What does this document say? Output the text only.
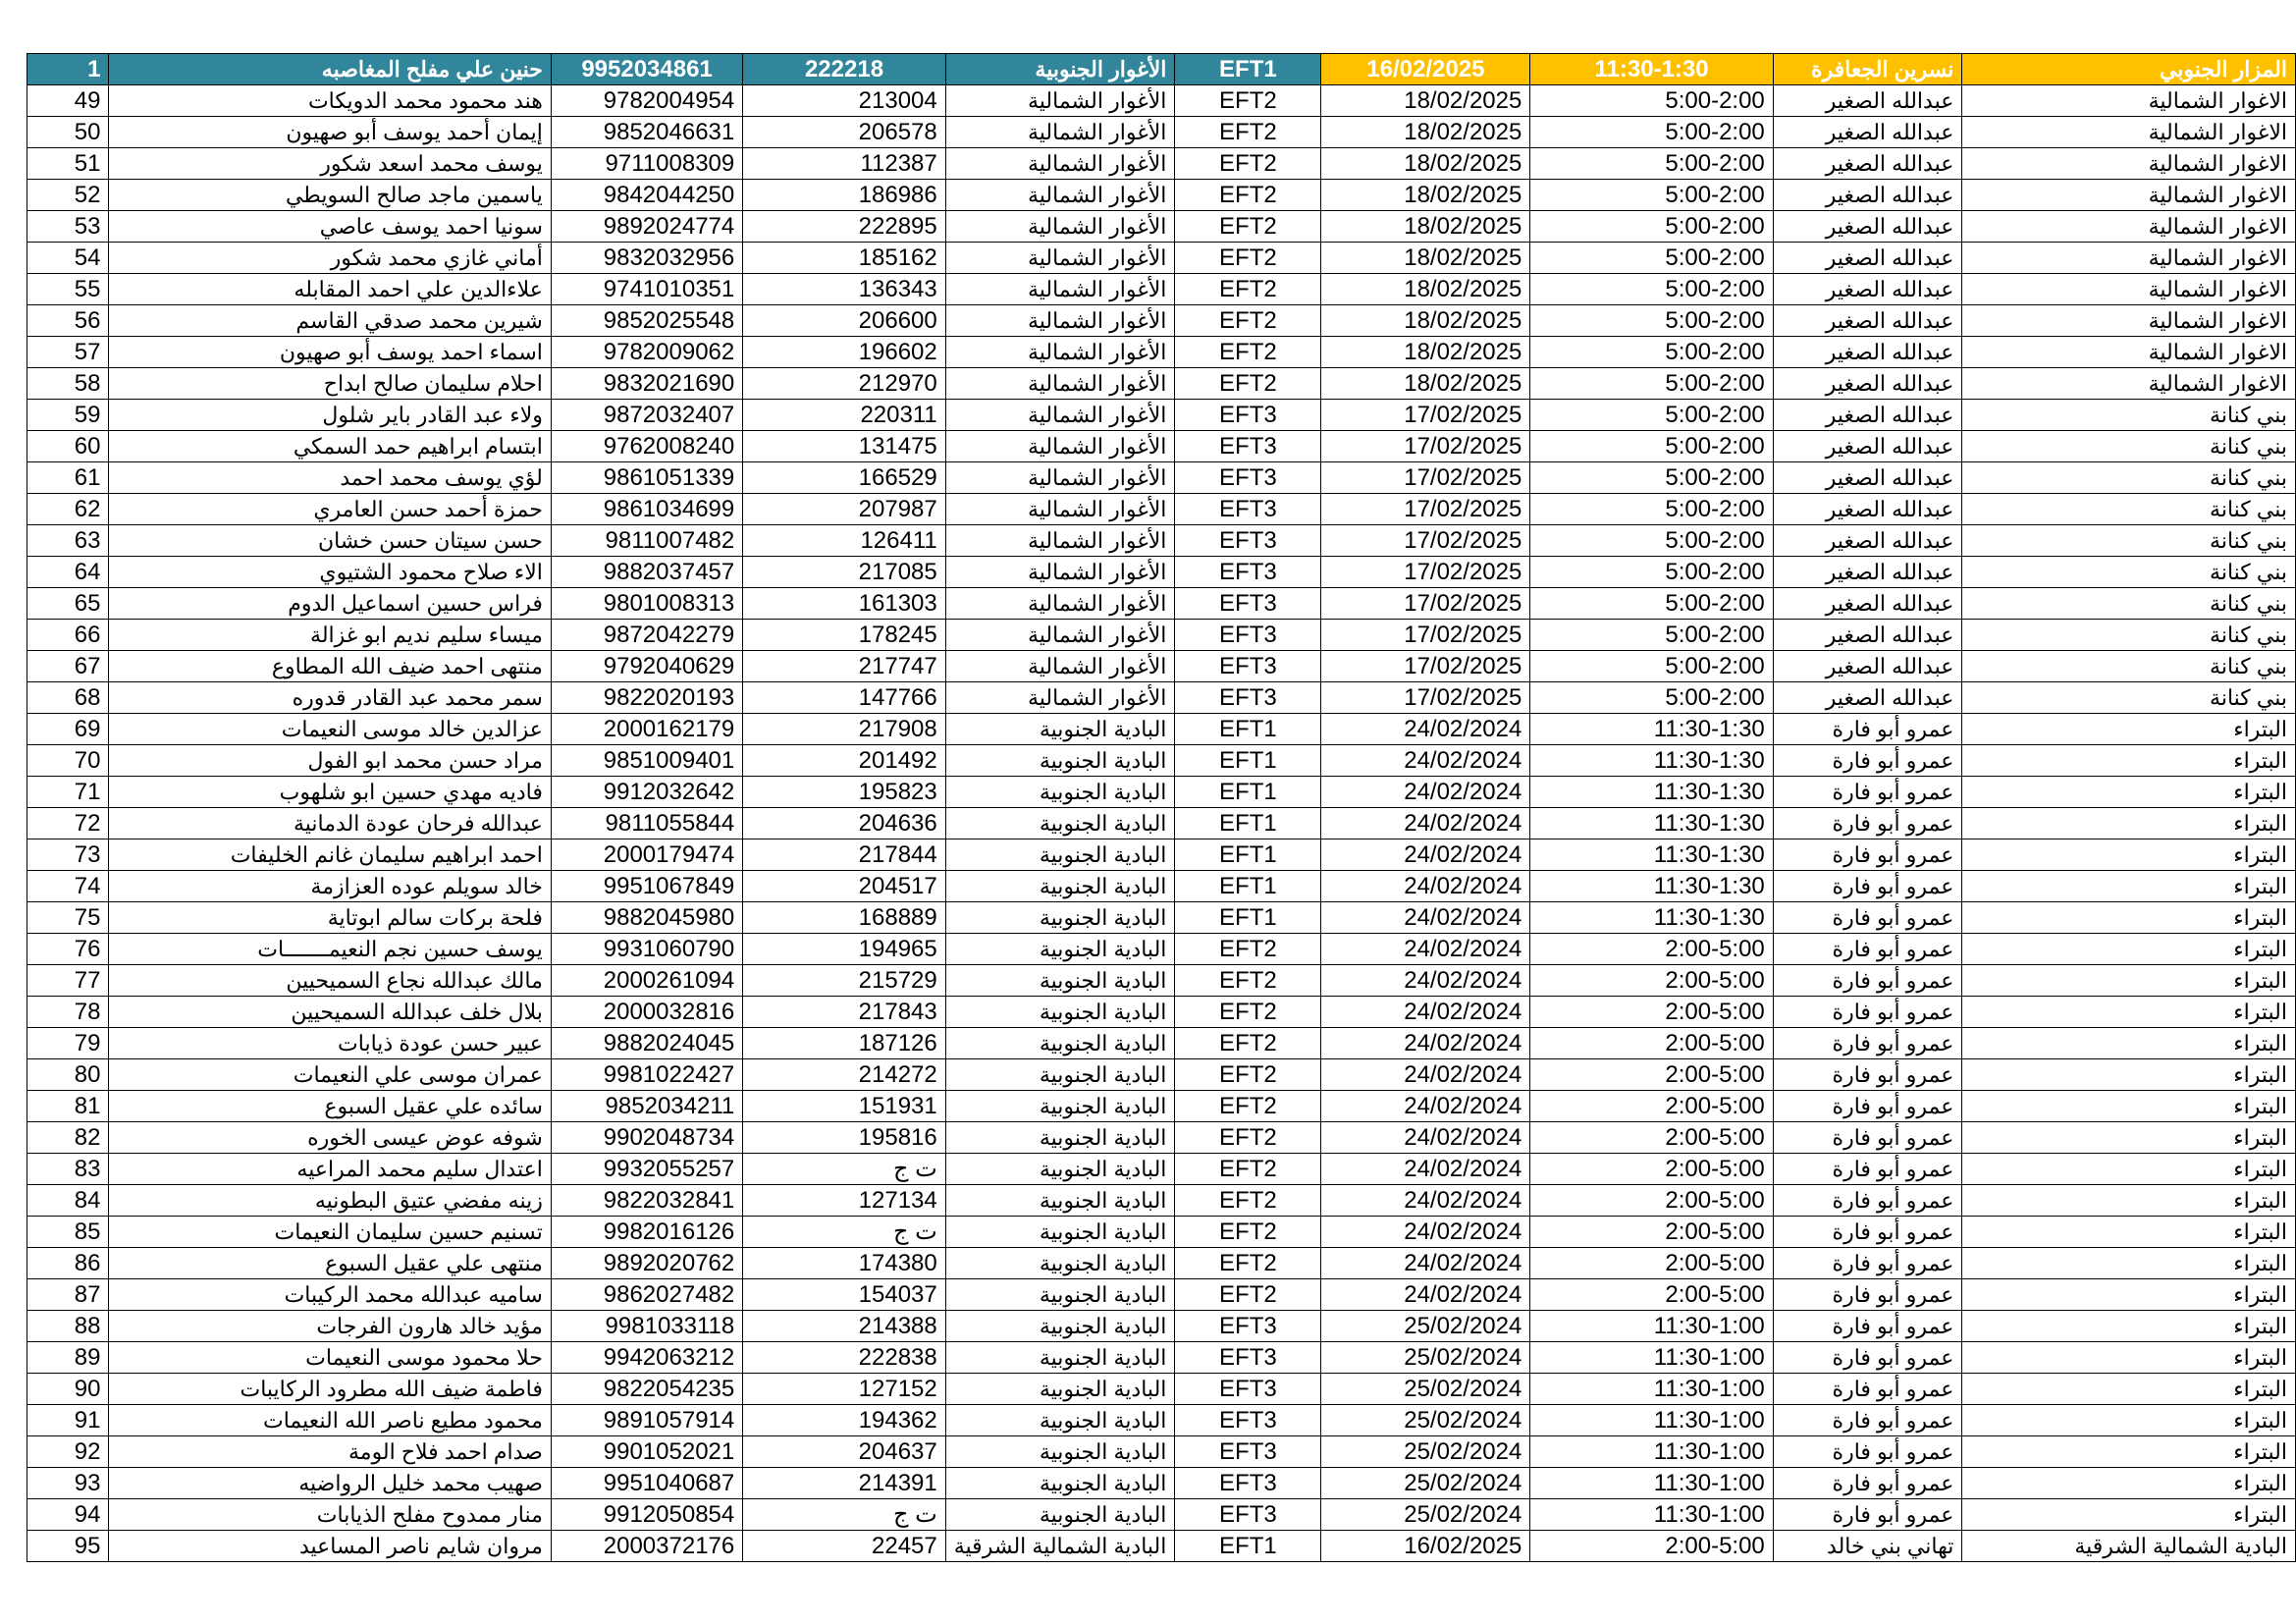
1	حنين علي مفلح المغاصبه	9952034861	222218	الأغوار الجنوبية	EFT1	16/02/2025	11:30-1:30	نسرين الجعافرة	المزار الجنوبي
49	هند محمود محمد الدويكات	9782004954	213004	الأغوار الشمالية	EFT2	18/02/2025	5:00-2:00	عبدالله الصغير	الاغوار الشمالية
50	إيمان أحمد يوسف أبو صهيون	9852046631	206578	الأغوار الشمالية	EFT2	18/02/2025	5:00-2:00	عبدالله الصغير	الاغوار الشمالية
51	يوسف محمد اسعد شكور	9711008309	112387	الأغوار الشمالية	EFT2	18/02/2025	5:00-2:00	عبدالله الصغير	الاغوار الشمالية
52	ياسمين ماجد صالح السويطي	9842044250	186986	الأغوار الشمالية	EFT2	18/02/2025	5:00-2:00	عبدالله الصغير	الاغوار الشمالية
53	سونيا احمد يوسف عاصي	9892024774	222895	الأغوار الشمالية	EFT2	18/02/2025	5:00-2:00	عبدالله الصغير	الاغوار الشمالية
54	أماني غازي محمد شكور	9832032956	185162	الأغوار الشمالية	EFT2	18/02/2025	5:00-2:00	عبدالله الصغير	الاغوار الشمالية
55	علاءالدين علي احمد المقابله	9741010351	136343	الأغوار الشمالية	EFT2	18/02/2025	5:00-2:00	عبدالله الصغير	الاغوار الشمالية
56	شيرين محمد صدقي القاسم	9852025548	206600	الأغوار الشمالية	EFT2	18/02/2025	5:00-2:00	عبدالله الصغير	الاغوار الشمالية
57	اسماء احمد يوسف أبو صهيون	9782009062	196602	الأغوار الشمالية	EFT2	18/02/2025	5:00-2:00	عبدالله الصغير	الاغوار الشمالية
58	احلام سليمان صالح ابداح	9832021690	212970	الأغوار الشمالية	EFT2	18/02/2025	5:00-2:00	عبدالله الصغير	الاغوار الشمالية
59	ولاء عبد القادر باير شلول	9872032407	220311	الأغوار الشمالية	EFT3	17/02/2025	5:00-2:00	عبدالله الصغير	بني كنانة
60	ابتسام ابراهيم حمد السمكي	9762008240	131475	الأغوار الشمالية	EFT3	17/02/2025	5:00-2:00	عبدالله الصغير	بني كنانة
61	لؤي يوسف محمد احمد	9861051339	166529	الأغوار الشمالية	EFT3	17/02/2025	5:00-2:00	عبدالله الصغير	بني كنانة
62	حمزة أحمد حسن العامري	9861034699	207987	الأغوار الشمالية	EFT3	17/02/2025	5:00-2:00	عبدالله الصغير	بني كنانة
63	حسن سيتان حسن خشان	9811007482	126411	الأغوار الشمالية	EFT3	17/02/2025	5:00-2:00	عبدالله الصغير	بني كنانة
64	الاء صلاح محمود الشتيوي	9882037457	217085	الأغوار الشمالية	EFT3	17/02/2025	5:00-2:00	عبدالله الصغير	بني كنانة
65	فراس حسين اسماعيل الدوم	9801008313	161303	الأغوار الشمالية	EFT3	17/02/2025	5:00-2:00	عبدالله الصغير	بني كنانة
66	ميساء سليم نديم ابو غزالة	9872042279	178245	الأغوار الشمالية	EFT3	17/02/2025	5:00-2:00	عبدالله الصغير	بني كنانة
67	منتهى احمد ضيف الله المطاوع	9792040629	217747	الأغوار الشمالية	EFT3	17/02/2025	5:00-2:00	عبدالله الصغير	بني كنانة
68	سمر محمد عبد القادر قدوره	9822020193	147766	الأغوار الشمالية	EFT3	17/02/2025	5:00-2:00	عبدالله الصغير	بني كنانة
69	عزالدين خالد موسى النعيمات	2000162179	217908	البادية الجنوبية	EFT1	24/02/2024	11:30-1:30	عمرو أبو فارة	البتراء
70	مراد حسن محمد ابو الفول	9851009401	201492	البادية الجنوبية	EFT1	24/02/2024	11:30-1:30	عمرو أبو فارة	البتراء
71	فاديه مهدي حسين ابو شلهوب	9912032642	195823	البادية الجنوبية	EFT1	24/02/2024	11:30-1:30	عمرو أبو فارة	البتراء
72	عبدالله فرحان عودة الدمانية	9811055844	204636	البادية الجنوبية	EFT1	24/02/2024	11:30-1:30	عمرو أبو فارة	البتراء
73	احمد ابراهيم سليمان غانم الخليفات	2000179474	217844	البادية الجنوبية	EFT1	24/02/2024	11:30-1:30	عمرو أبو فارة	البتراء
74	خالد سويلم عوده العزازمة	9951067849	204517	البادية الجنوبية	EFT1	24/02/2024	11:30-1:30	عمرو أبو فارة	البتراء
75	فلحة بركات سالم ابوتاية	9882045980	168889	البادية الجنوبية	EFT1	24/02/2024	11:30-1:30	عمرو أبو فارة	البتراء
76	يوسف حسين نجم النعيمـــــــات	9931060790	194965	البادية الجنوبية	EFT2	24/02/2024	2:00-5:00	عمرو أبو فارة	البتراء
77	مالك عبدالله نجاع السميحيين	2000261094	215729	البادية الجنوبية	EFT2	24/02/2024	2:00-5:00	عمرو أبو فارة	البتراء
78	بلال خلف عبدالله السميحيين	2000032816	217843	البادية الجنوبية	EFT2	24/02/2024	2:00-5:00	عمرو أبو فارة	البتراء
79	عبير حسن عودة ذيابات	9882024045	187126	البادية الجنوبية	EFT2	24/02/2024	2:00-5:00	عمرو أبو فارة	البتراء
80	عمران موسى علي النعيمات	9981022427	214272	البادية الجنوبية	EFT2	24/02/2024	2:00-5:00	عمرو أبو فارة	البتراء
81	سائده علي عقيل السبوع	9852034211	151931	البادية الجنوبية	EFT2	24/02/2024	2:00-5:00	عمرو أبو فارة	البتراء
82	شوفه عوض عيسى الخوره	9902048734	195816	البادية الجنوبية	EFT2	24/02/2024	2:00-5:00	عمرو أبو فارة	البتراء
83	اعتدال سليم محمد المراعيه	9932055257	ت ج	البادية الجنوبية	EFT2	24/02/2024	2:00-5:00	عمرو أبو فارة	البتراء
84	زينه مفضي عتيق البطونيه	9822032841	127134	البادية الجنوبية	EFT2	24/02/2024	2:00-5:00	عمرو أبو فارة	البتراء
85	تسنيم حسين سليمان النعيمات	9982016126	ت ج	البادية الجنوبية	EFT2	24/02/2024	2:00-5:00	عمرو أبو فارة	البتراء
86	منتهى علي عقيل السبوع	9892020762	174380	البادية الجنوبية	EFT2	24/02/2024	2:00-5:00	عمرو أبو فارة	البتراء
87	ساميه عبدالله محمد الركيبات	9862027482	154037	البادية الجنوبية	EFT2	24/02/2024	2:00-5:00	عمرو أبو فارة	البتراء
88	مؤيد خالد هارون الفرجات	9981033118	214388	البادية الجنوبية	EFT3	25/02/2024	11:30-1:00	عمرو أبو فارة	البتراء
89	حلا محمود موسى النعيمات	9942063212	222838	البادية الجنوبية	EFT3	25/02/2024	11:30-1:00	عمرو أبو فارة	البتراء
90	فاطمة ضيف الله مطرود الركايبات	9822054235	127152	البادية الجنوبية	EFT3	25/02/2024	11:30-1:00	عمرو أبو فارة	البتراء
91	محمود مطيع ناصر الله النعيمات	9891057914	194362	البادية الجنوبية	EFT3	25/02/2024	11:30-1:00	عمرو أبو فارة	البتراء
92	صدام احمد فلاح الومة	9901052021	204637	البادية الجنوبية	EFT3	25/02/2024	11:30-1:00	عمرو أبو فارة	البتراء
93	صهيب محمد خليل الرواضيه	9951040687	214391	البادية الجنوبية	EFT3	25/02/2024	11:30-1:00	عمرو أبو فارة	البتراء
94	منار ممدوح مفلح الذيابات	9912050854	ت ج	البادية الجنوبية	EFT3	25/02/2024	11:30-1:00	عمرو أبو فارة	البتراء
95	مروان شايم ناصر المساعيد	2000372176	22457	البادية الشمالية الشرقية	EFT1	16/02/2025	2:00-5:00	تهاني بني خالد	البادية الشمالية الشرقية
